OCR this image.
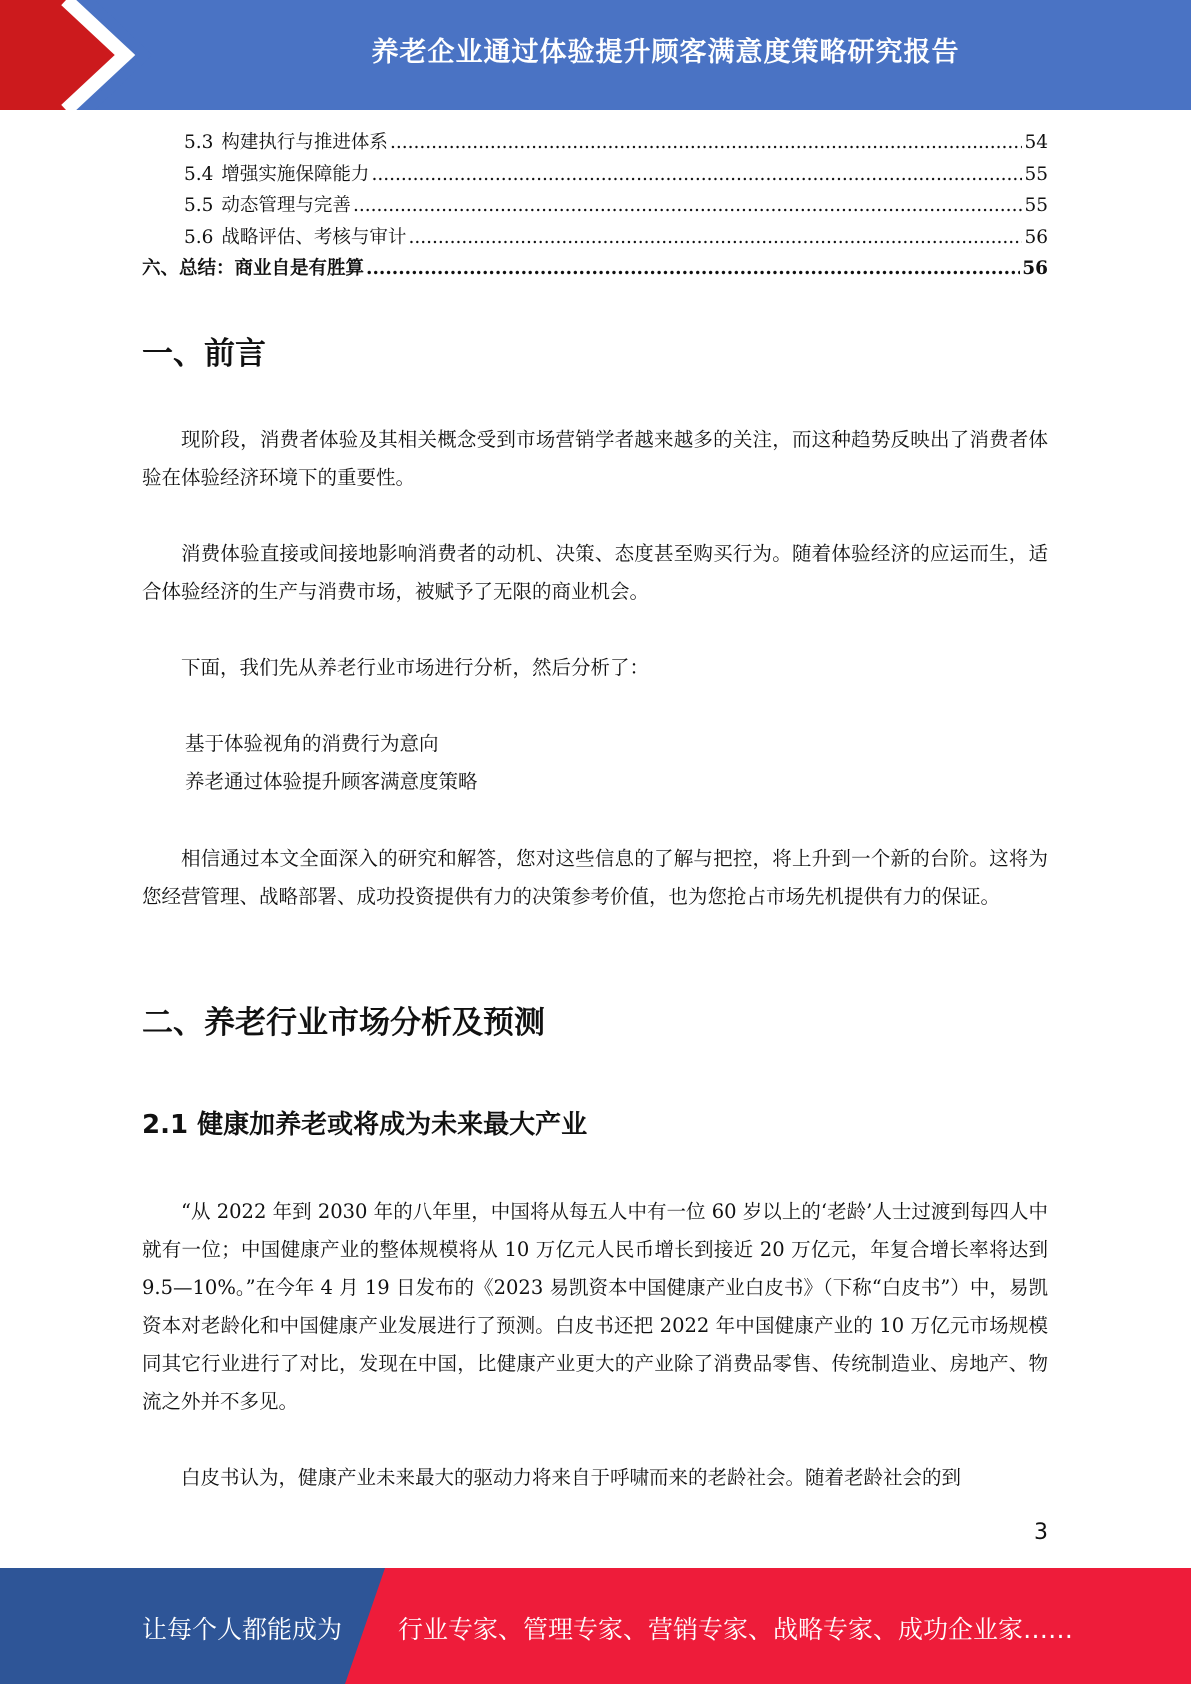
养老企业通过体验提升顾客满意度策略研究报告
5.3 构建执行与推进体系 .....	54
5.4 增强实施保障能力 .....	55
5.5 动态管理与完善 .....	55
5.6 战略评估、考核与审计 .....	56
六、总结：商业自是有胜算 .....	56
一、前言

现阶段，消费者体验及其相关概念受到市场营销学者越来越多的关注，而这种趋势反映出了消费者体验在体验经济环境下的重要性。

消费体验直接或间接地影响消费者的动机、决策、态度甚至购买行为。随着体验经济的应运而生，适合体验经济的生产与消费市场，被赋予了无限的商业机会。

下面，我们先从养老行业市场进行分析，然后分析了：

基于体验视角的消费行为意向

养老通过体验提升顾客满意度策略

相信通过本文全面深入的研究和解答，您对这些信息的了解与把控，将上升到一个新的台阶。这将为您经营管理、战略部署、成功投资提供有力的决策参考价值，也为您抢占市场先机提供有力的保证。

二、养老行业市场分析及预测
2.1 健康加养老或将成为未来最大产业

“从 2022 年到 2030 年的八年里，中国将从每五人中有一位 60 岁以上的‘老龄’人士过渡到每四人中就有一位；中国健康产业的整体规模将从 10 万亿元人民币增长到接近 20 万亿元，年复合增长率将达到 9.5—10%。”在今年 4 月 19 日发布的《2023 易凯资本中国健康产业白皮书》（下称“白皮书”）中，易凯资本对老龄化和中国健康产业发展进行了预测。白皮书还把 2022 年中国健康产业的 10 万亿元市场规模同其它行业进行了对比，发现在中国，比健康产业更大的产业除了消费品零售、传统制造业、房地产、物流之外并不多见。

白皮书认为，健康产业未来最大的驱动力将来自于呼啸而来的老龄社会。随着老龄社会的到

3
让每个人都能成为 行业专家、管理专家、营销专家、战略专家、成功企业家……
